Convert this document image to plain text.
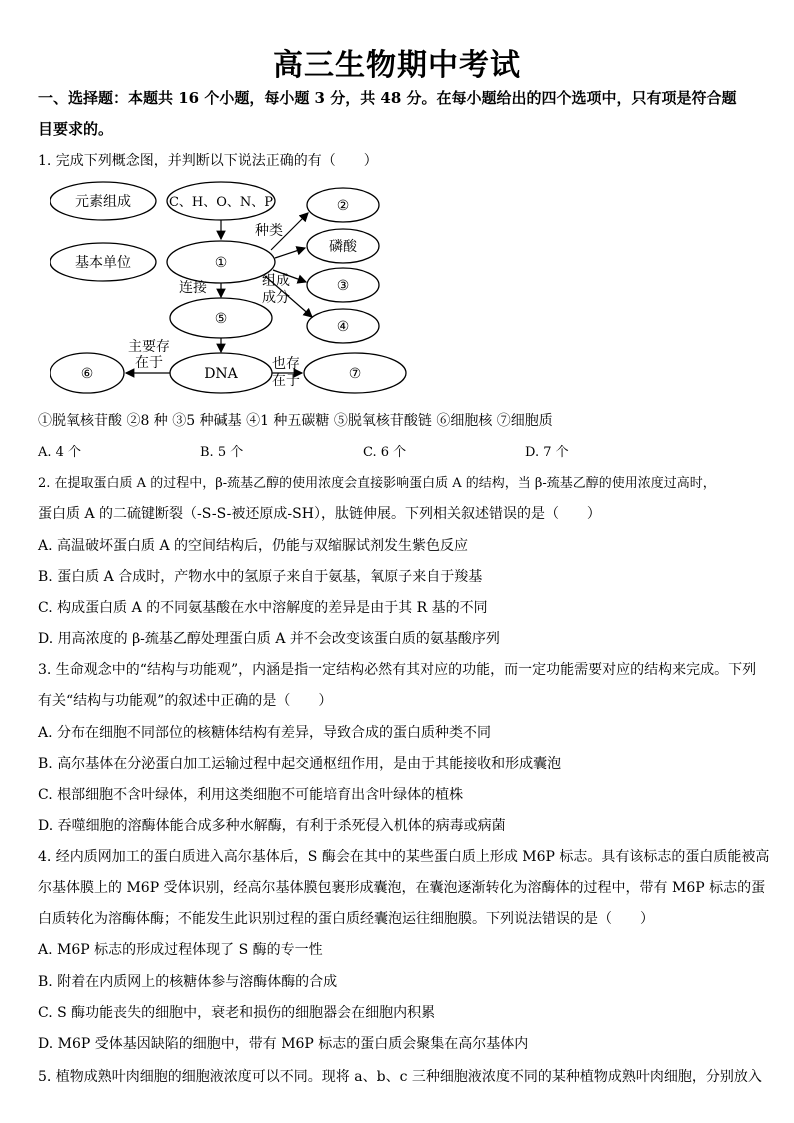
高三生物期中考试
一、选择题：本题共 16 个小题，每小题 3 分，共 48 分。在每小题给出的四个选项中，只有项是符合题
目要求的。
1. 完成下列概念图，并判断以下说法正确的有（　　）
元素组成	C、H、O、N、P
基本单位	①
②
磷酸
③
④
⑤
DNA
⑥	⑦
种类
组成
成分
连接
主要存
在于	也存
在于
①脱氧核苷酸 ②8 种 ③5 种碱基 ④1 种五碳糖 ⑤脱氧核苷酸链 ⑥细胞核 ⑦细胞质
A. 4 个	B. 5 个	C. 6 个	D. 7 个
2. 在提取蛋白质 A 的过程中，β-巯基乙醇的使用浓度会直接影响蛋白质 A 的结构，当 β-巯基乙醇的使用浓度过高时，
蛋白质 A 的二硫键断裂（-S-S-被还原成-SH），肽链伸展。下列相关叙述错误的是（　　）
A. 高温破坏蛋白质 A 的空间结构后，仍能与双缩脲试剂发生紫色反应
B. 蛋白质 A 合成时，产物水中的氢原子来自于氨基，氧原子来自于羧基
C. 构成蛋白质 A 的不同氨基酸在水中溶解度的差异是由于其 R 基的不同
D. 用高浓度的 β-巯基乙醇处理蛋白质 A 并不会改变该蛋白质的氨基酸序列
3. 生命观念中的“结构与功能观”，内涵是指一定结构必然有其对应的功能，而一定功能需要对应的结构来完成。下列
有关“结构与功能观”的叙述中正确的是（　　）
A. 分布在细胞不同部位的核糖体结构有差异，导致合成的蛋白质种类不同
B. 高尔基体在分泌蛋白加工运输过程中起交通枢纽作用，是由于其能接收和形成囊泡
C. 根部细胞不含叶绿体，利用这类细胞不可能培育出含叶绿体的植株
D. 吞噬细胞的溶酶体能合成多种水解酶，有利于杀死侵入机体的病毒或病菌
4. 经内质网加工的蛋白质进入高尔基体后，S 酶会在其中的某些蛋白质上形成 M6P 标志。具有该标志的蛋白质能被高
尔基体膜上的 M6P 受体识别，经高尔基体膜包裹形成囊泡，在囊泡逐渐转化为溶酶体的过程中，带有 M6P 标志的蛋
白质转化为溶酶体酶；不能发生此识别过程的蛋白质经囊泡运往细胞膜。下列说法错误的是（　　）
A. M6P 标志的形成过程体现了 S 酶的专一性
B. 附着在内质网上的核糖体参与溶酶体酶的合成
C. S 酶功能丧失的细胞中，衰老和损伤的细胞器会在细胞内积累
D. M6P 受体基因缺陷的细胞中，带有 M6P 标志的蛋白质会聚集在高尔基体内
5. 植物成熟叶肉细胞的细胞液浓度可以不同。现将 a、b、c 三种细胞液浓度不同的某种植物成熟叶肉细胞，分别放入
